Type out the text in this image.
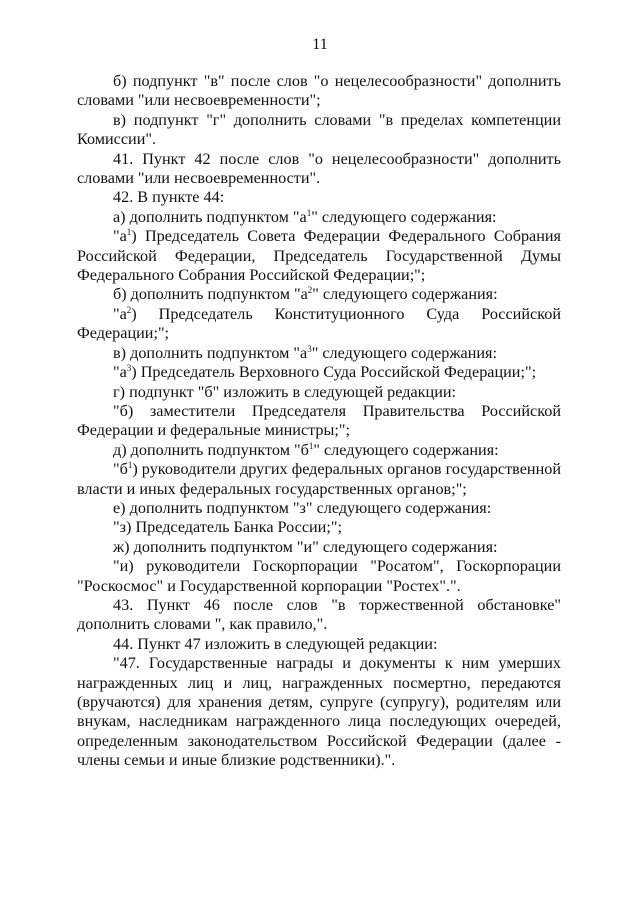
11

б) подпункт "в" после слов "о нецелесообразности" дополнить словами "или несвоевременности";

в) подпункт "г" дополнить словами "в пределах компетенции Комиссии".

41. Пункт 42 после слов "о нецелесообразности" дополнить словами "или несвоевременности".

42. В пункте 44:

а) дополнить подпунктом "$а^1$" следующего содержания:

"$а^1$) Председатель Совета Федерации Федерального Собрания Российской Федерации, Председатель Государственной Думы Федерального Собрания Российской Федерации;";

б) дополнить подпунктом "$а^2$" следующего содержания:

"$а^2$) Председатель Конституционного Суда Российской Федерации;";

в) дополнить подпунктом "$а^3$" следующего содержания:

"$а^3$) Председатель Верховного Суда Российской Федерации;";

г) подпункт "б" изложить в следующей редакции:

"б) заместители Председателя Правительства Российской Федерации и федеральные министры;";

д) дополнить подпунктом "$б^1$" следующего содержания:

"$б^1$) руководители других федеральных органов государственной власти и иных федеральных государственных органов;";

е) дополнить подпунктом "з" следующего содержания:

"з) Председатель Банка России;";

ж) дополнить подпунктом "и" следующего содержания:

"и) руководители Госкорпорации "Росатом", Госкорпорации "Роскосмос" и Государственной корпорации "Ростех".".

43. Пункт 46 после слов "в торжественной обстановке" дополнить словами ", как правило,".

44. Пункт 47 изложить в следующей редакции:

"47. Государственные награды и документы к ним умерших награжденных лиц и лиц, награжденных посмертно, передаются (вручаются) для хранения детям, супруге (супругу), родителям или внукам, наследникам награжденного лица последующих очередей, определенным законодательством Российской Федерации (далее - члены семьи и иные близкие родственники).".
